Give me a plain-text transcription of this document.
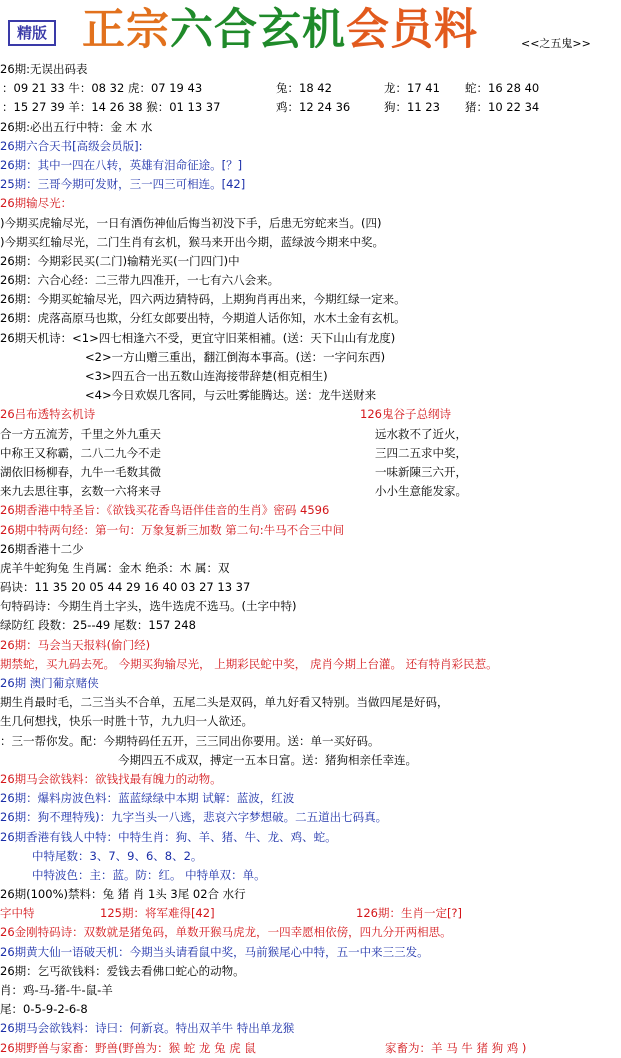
精版 正宗六合玄机会员料	<<之五鬼>>
26期:无误出码表
：09 21 33 牛：08 32 虎：07 19 43	兔：18 42	龙：17 41 蛇：16 28 40
：15 27 39 羊：14 26 38 猴：01 13 37	鸡：12 24 36	狗：11 23 猪：10 22 34
26期:必出五行中特：金 木 水
26期六合天书[高级会员版]:
26期：其中一四在八转，英雄有泪命征途。[？]
25期：三哥今期可发财，三一四三可相连。[42]
26期输尽光：
)今期买虎输尽光，一日有酒伤神仙后悔当初没下手，后患无穷蛇来当。(四)
)今期买红输尽光，二门生肖有玄机，猴马来开出今期，蓝绿波今期来中奖。
26期：今期彩民买(二门)输精光买(一门四门)中
26期：六合心经：二三带九四准开，一七有六八会来。
26期：今期买蛇输尽光，四六两边猜特码，上期狗肖再出来，今期红绿一定来。
26期：虎落高原马也欺，分红女郎要出特，今期道人话你知，水木土金有玄机。
26期天机诗：<1>四七相逢六不受，更宜守旧莱相補。(送：天下山山有龙度)
<2>一方山赠三重出，翻江倒海本事高。(送：一字问东西)
<3>四五合一出五数山连海接带辞楚(相克相生)
<4>今日欢娱几客同，与云吐雾能腾达。送：龙牛送财来
26吕布透特玄机诗	126鬼谷子总纲诗
合一方五流芳，千里之外九重天	远水救不了近火，
中称王又称霸，二八二九今不走	三四二五求中奖，
湖依旧杨柳春，九牛一毛数其微	一味新陳三六开，
来九去思往事，玄数一六将来寻	小小生意能发家。
26期香港中特圣旨：《欲钱买花香鸟语伴佳音的生肖》密码 4596
26期中特两句经：第一句：万象复新三加数 第二句:牛马不合三中间
26期香港十二少
虎羊牛蛇狗兔 生肖属：金木 绝杀：木 属：双
码诀：11 35 20 05 44 29 16 40 03 27 13 37
句特码诗：今期生肖土字头，选牛选虎不选马。(土字中特)
绿防红 段数：25--49 尾数：157 248
26期：马会当天报料(偷门经)
期禁蛇，买九码去死。 今期买狗输尽光， 上期彩民蛇中奖， 虎肖今期上台灌。 还有特肖彩民惹。
26期 澳门葡京赌侠
期生肖最时毛，二三当头不合单，五尾二头是双码，单九好看又特别。当做四尾是好码，
生几何想找，快乐一时胜十节，九九归一人欲还。
：三一帮你发。配：今期特码任五开，三三同出你要用。送：单一买好码。
今期四五不成双，搏定一五本日富。送：猪狗相亲任幸连。
26期马会欲钱料：欲钱找最有魄力的动物。
26期：爆料房波色料：蓝蓝绿绿中本期 试解：蓝波，红波
26期：狗不理特残)：九字当头一八逃，悲哀六字梦想破。二五道出七码真。
26期香港有钱人中特：中特生肖：狗、羊、猪、牛、龙、鸡、蛇。
中特尾数：3、7、9、6、8、2。
中特波色：主：蓝。防：红。 中特单双：单。
26期(100%)禁料：兔 猪 肖 1头 3尾 02合 水行
字中特	125期：将军难得[42]	126期：生肖一定[?]
26金刚特码诗：双数就是猪兔码，单数开猴马虎龙，一四幸愿相依傍，四九分开两相思。
26期黄大仙一语破天机：今期当头请看鼠中奖，马前猴尾心中特，五一中来三三发。
26期：乞丐欲钱料：爱钱去看佛口蛇心的动物。
肖：鸡-马-猪-牛-鼠-羊
尾：0-5-9-2-6-8
26期马会欲钱料：诗曰：何新哀。特出双羊牛 特出单龙猴
26期野兽与家畜：野兽(野兽为：猴 蛇 龙 兔 虎 鼠	家畜为：羊 马 牛 猪 狗 鸡 )
